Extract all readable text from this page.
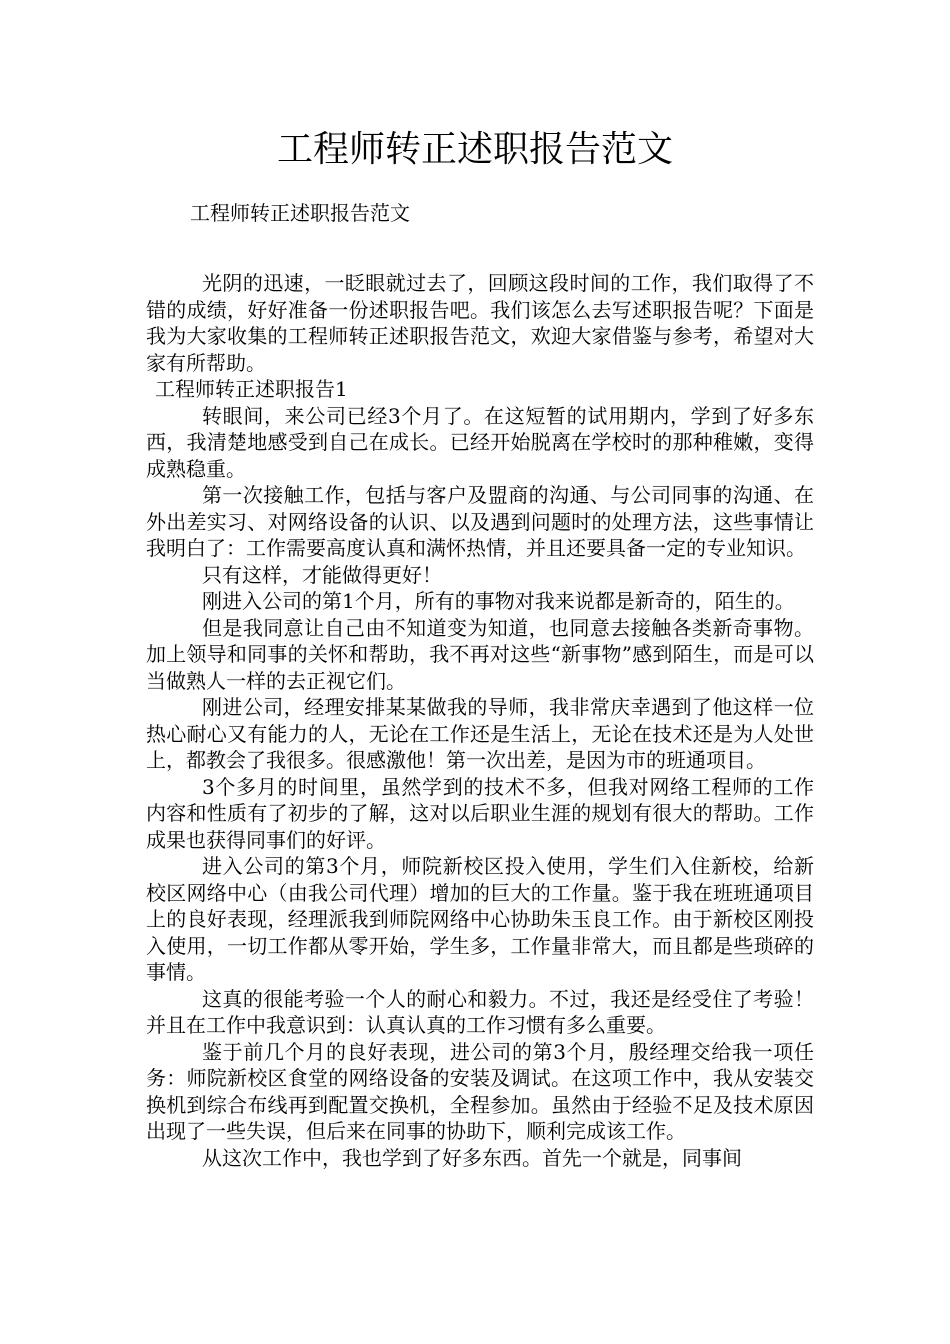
工程师转正述职报告范文

工程师转正述职报告范文

光阴的迅速，一眨眼就过去了，回顾这段时间的工作，我们取得了不错的成绩，好好准备一份述职报告吧。我们该怎么去写述职报告呢？下面是我为大家收集的工程师转正述职报告范文，欢迎大家借鉴与参考，希望对大家有所帮助。

工程师转正述职报告1

转眼间，来公司已经3个月了。在这短暂的试用期内，学到了好多东西，我清楚地感受到自己在成长。已经开始脱离在学校时的那种稚嫩，变得成熟稳重。

第一次接触工作，包括与客户及盟商的沟通、与公司同事的沟通、在外出差实习、对网络设备的认识、以及遇到问题时的处理方法，这些事情让我明白了：工作需要高度认真和满怀热情，并且还要具备一定的专业知识。

只有这样，才能做得更好！

刚进入公司的第1个月，所有的事物对我来说都是新奇的，陌生的。

但是我同意让自己由不知道变为知道，也同意去接触各类新奇事物。加上领导和同事的关怀和帮助，我不再对这些“新事物”感到陌生，而是可以当做熟人一样的去正视它们。

刚进公司，经理安排某某做我的导师，我非常庆幸遇到了他这样一位热心耐心又有能力的人，无论在工作还是生活上，无论在技术还是为人处世上，都教会了我很多。很感激他！第一次出差，是因为市的班通项目。

3个多月的时间里，虽然学到的技术不多，但我对网络工程师的工作内容和性质有了初步的了解，这对以后职业生涯的规划有很大的帮助。工作成果也获得同事们的好评。

进入公司的第3个月，师院新校区投入使用，学生们入住新校，给新校区网络中心（由我公司代理）增加的巨大的工作量。鉴于我在班班通项目上的良好表现，经理派我到师院网络中心协助朱玉良工作。由于新校区刚投入使用，一切工作都从零开始，学生多，工作量非常大，而且都是些琐碎的事情。

这真的很能考验一个人的耐心和毅力。不过，我还是经受住了考验！并且在工作中我意识到：认真认真的工作习惯有多么重要。

鉴于前几个月的良好表现，进公司的第3个月，殷经理交给我一项任务：师院新校区食堂的网络设备的安装及调试。在这项工作中，我从安装交换机到综合布线再到配置交换机，全程参加。虽然由于经验不足及技术原因出现了一些失误，但后来在同事的协助下，顺利完成该工作。

从这次工作中，我也学到了好多东西。首先一个就是，同事间
